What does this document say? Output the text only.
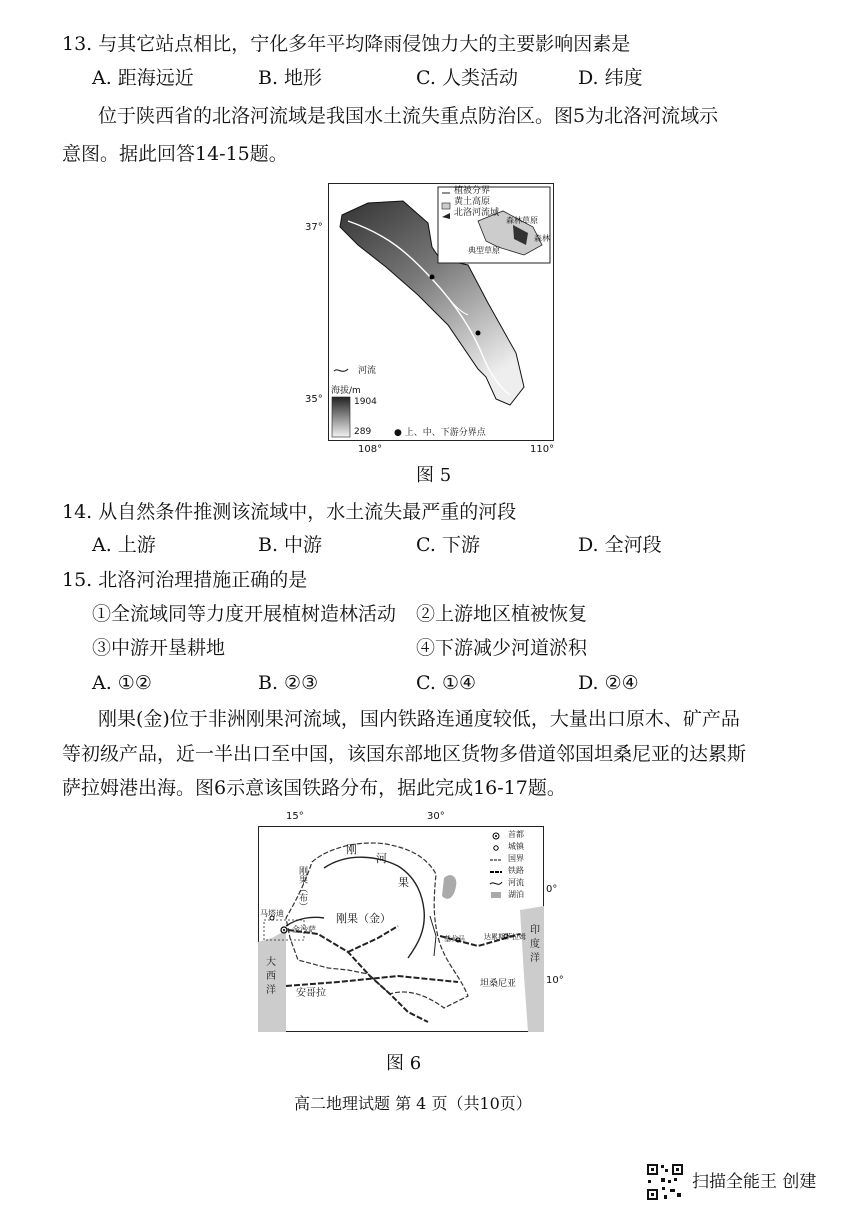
13. 与其它站点相比，宁化多年平均降雨侵蚀力大的主要影响因素是
A. 距海远近	B. 地形	C. 人类活动	D. 纬度
位于陕西省的北洛河流域是我国水土流失重点防治区。图5为北洛河流域示
意图。据此回答14-15题。
植被分界
黄土高原
北洛河流域
典型草原
森林草原
森林
河流
海拔/m
1904
289	● 上、中、下游分界点
37°
35°
108°	110°
图 5
14. 从自然条件推测该流域中，水土流失最严重的河段
A. 上游	B. 中游	C. 下游	D. 全河段
15. 北洛河治理措施正确的是
①全流域同等力度开展植树造林活动 ②上游地区植被恢复
③中游开垦耕地	④下游减少河道淤积
A. ①②	B. ②③	C. ①④	D. ②④
刚果(金)位于非洲刚果河流域，国内铁路连通度较低，大量出口原木、矿产品
等初级产品，近一半出口至中国，该国东部地区货物多借道邻国坦桑尼亚的达累斯
萨拉姆港出海。图6示意该国铁路分布，据此完成16-17题。
15°	30°
0°
10°
首都
城镇
国界
铁路
河流
湖泊
刚
河
果
刚果（金）
刚果（布）
马塔迪
金沙萨
大
西
洋 安哥拉
坦桑尼亚
达累斯萨拉姆
基戈马
印
度
洋
图 6
高二地理试题 第 4 页（共10页）
扫描全能王 创建
